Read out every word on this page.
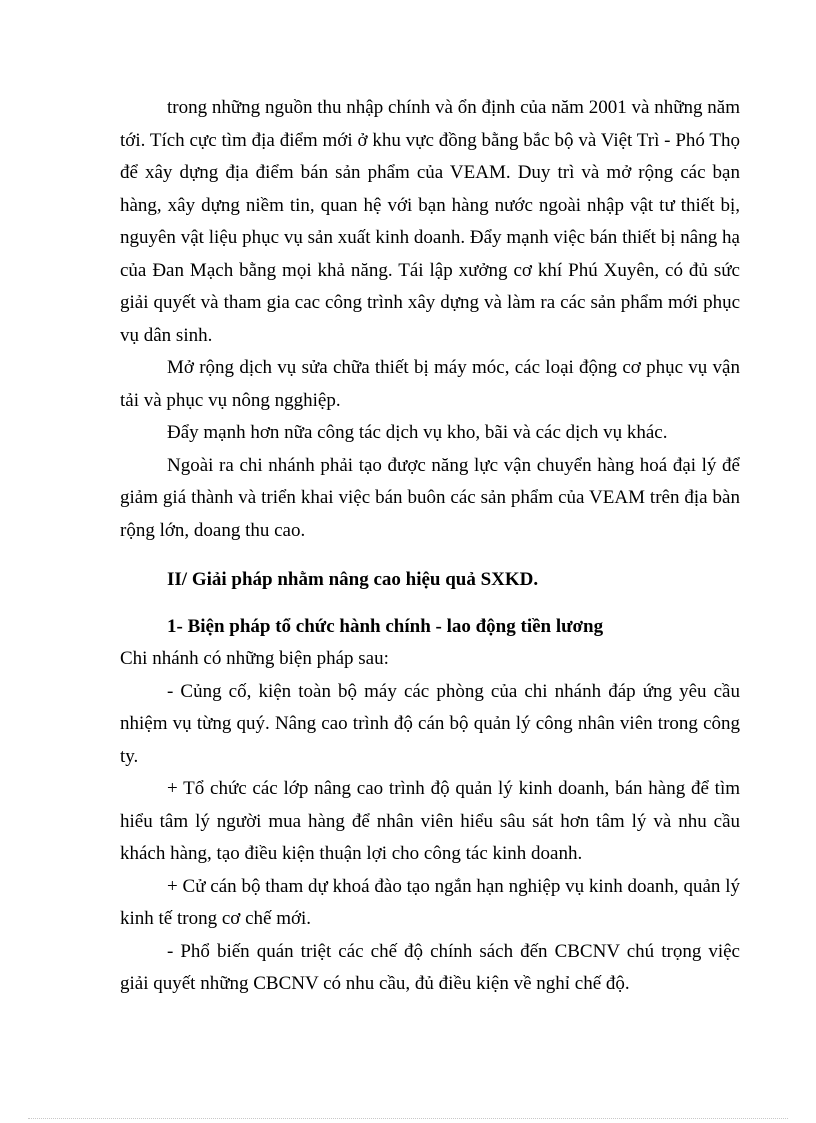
trong những nguồn thu nhập chính và ổn định của năm 2001 và những năm tới. Tích cực tìm địa điểm mới ở khu vực đồng bằng bắc bộ và Việt Trì - Phó Thọ để xây dựng địa điểm bán sản phẩm của VEAM. Duy trì và mở rộng các bạn hàng, xây dựng niềm tin, quan hệ với bạn hàng nước ngoài nhập vật tư thiết bị, nguyên vật liệu phục vụ sản xuất kinh doanh. Đẩy mạnh việc bán thiết bị nâng hạ của Đan Mạch bằng mọi khả năng. Tái lập xưởng cơ khí Phú Xuyên, có đủ sức giải quyết và tham gia cac công trình xây dựng và làm ra các sản phẩm mới phục vụ dân sinh.

Mở rộng dịch vụ sửa chữa thiết bị máy móc, các loại động cơ phục vụ vận tải và phục vụ nông ngghiệp.

Đẩy mạnh hơn nữa công tác dịch vụ kho, bãi và các dịch vụ khác.

Ngoài ra chi nhánh phải tạo được năng lực vận chuyển hàng hoá đại lý để giảm giá thành và triển khai việc bán buôn các sản phẩm của VEAM trên địa bàn rộng lớn, doang thu cao.

II/ Giải pháp nhằm nâng cao hiệu quả SXKD.

1- Biện pháp tổ chức hành chính - lao động tiền lương

Chi nhánh có những biện pháp sau:

- Củng cố, kiện toàn bộ máy các phòng của chi nhánh đáp ứng yêu cầu nhiệm vụ từng quý. Nâng cao trình độ cán bộ quản lý công nhân viên trong công ty.

+ Tổ chức các lớp nâng cao trình độ quản lý kinh doanh, bán hàng để tìm hiểu tâm lý người mua hàng để nhân viên hiểu sâu sát hơn tâm lý và nhu cầu khách hàng, tạo điều kiện thuận lợi cho công tác kinh doanh.

+ Cử cán bộ tham dự khoá đào tạo ngắn hạn nghiệp vụ kinh doanh, quản lý kinh tế trong cơ chế mới.

- Phổ biến quán triệt các chế độ chính sách đến CBCNV chú trọng việc giải quyết những CBCNV có nhu cầu, đủ điều kiện về nghỉ chế độ.
